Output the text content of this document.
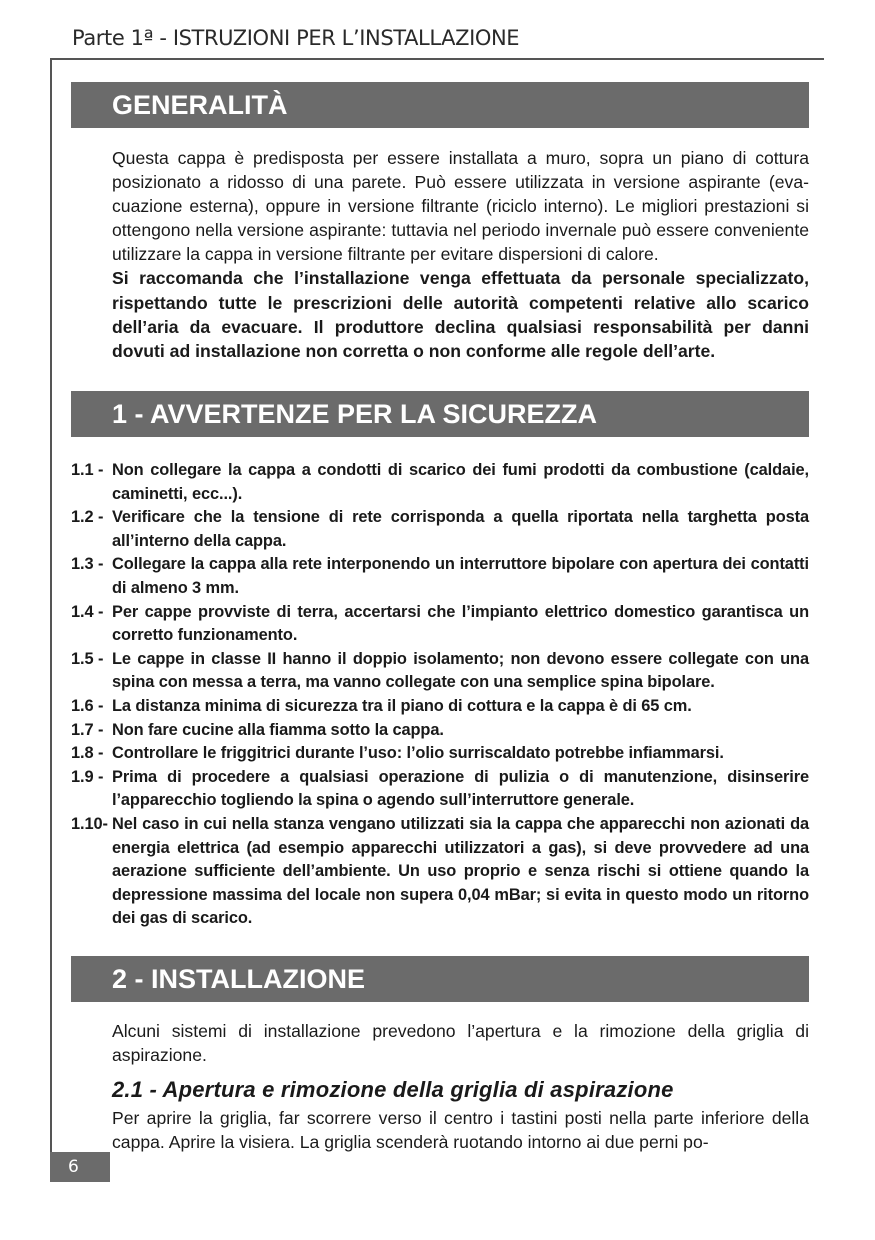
Parte 1ª - ISTRUZIONI PER L’INSTALLAZIONE
GENERALITÀ

Questa cappa è predisposta per essere installata a muro, sopra un piano di cottura posizionato a ridosso di una parete. Può essere utilizzata in versione aspirante (evacuazione esterna), oppure in versione filtrante (riciclo interno). Le migliori prestazioni si ottengono nella versione aspirante: tuttavia nel periodo invernale può essere conveniente utilizzare la cappa in versione filtrante per evitare dispersioni di calore.

Si raccomanda che l’installazione venga effettuata da personale specializzato, rispettando tutte le prescrizioni delle autorità competenti relative allo scarico dell’aria da evacuare. Il produttore declina qualsiasi responsabilità per danni dovuti ad installazione non corretta o non conforme alle regole dell’arte.

1 - AVVERTENZE PER LA SICUREZZA
1.1 - Non collegare la cappa a condotti di scarico dei fumi prodotti da combustione (caldaie, caminetti, ecc...).
1.2 - Verificare che la tensione di rete corrisponda a quella riportata nella targhetta posta all’interno della cappa.
1.3 - Collegare la cappa alla rete interponendo un interruttore bipolare con apertura dei contatti di almeno 3 mm.
1.4 - Per cappe provviste di terra, accertarsi che l’impianto elettrico domestico garantisca un corretto funzionamento.
1.5 - Le cappe in classe II hanno il doppio isolamento; non devono essere collegate con una spina con messa a terra, ma vanno collegate con una semplice spina bipolare.
1.6 - La distanza minima di sicurezza tra il piano di cottura e la cappa è di 65 cm.
1.7 - Non fare cucine alla fiamma sotto la cappa.
1.8 - Controllare le friggitrici durante l’uso: l’olio surriscaldato potrebbe infiammarsi.
1.9 - Prima di procedere a qualsiasi operazione di pulizia o di manutenzione, disinserire l’apparecchio togliendo la spina o agendo sull’interruttore generale.
1.10- Nel caso in cui nella stanza vengano utilizzati sia la cappa che apparecchi non azionati da energia elettrica (ad esempio apparecchi utilizzatori a gas), si deve provvedere ad una aerazione sufficiente dell’ambiente. Un uso proprio e senza rischi si ottiene quando la depressione massima del locale non supera 0,04 mBar; si evita in questo modo un ritorno dei gas di scarico.
2 - INSTALLAZIONE
Alcuni sistemi di installazione prevedono l’apertura e la rimozione della griglia di aspirazione.
2.1 - Apertura e rimozione della griglia di aspirazione
Per aprire la griglia, far scorrere verso il centro i tastini posti nella parte inferiore della cappa. Aprire la visiera. La griglia scenderà ruotando intorno ai due perni po-
6
